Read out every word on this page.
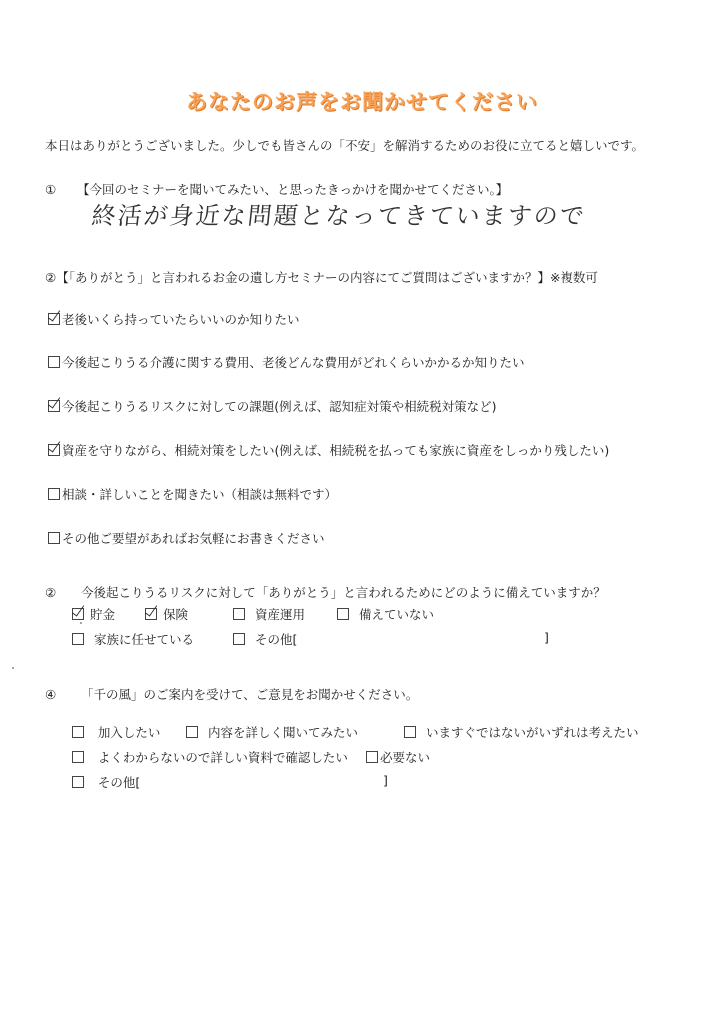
あなたのお声をお聞かせてください
本日はありがとうございました。少しでも皆さんの「不安」を解消するためのお役に立てると嬉しいです。
① 【今回のセミナーを聞いてみたい、と思ったきっかけを聞かせてください。】
終活が身近な問題となってきていますので
②【「ありがとう」と言われるお金の遺し方セミナーの内容にてご質問はございますか？】※複数可
老後いくら持っていたらいいのか知りたい
今後起こりうる介護に関する費用、老後どんな費用がどれくらいかかるか知りたい
今後起こりうるリスクに対しての課題(例えば、認知症対策や相続税対策など)
資産を守りながら、相続対策をしたい(例えば、相続税を払っても家族に資産をしっかり残したい)
相談・詳しいことを聞きたい（相談は無料です）
その他ご要望があればお気軽にお書きください
② 今後起こりうるリスクに対して「ありがとう」と言われるためにどのように備えていますか？
貯金	保険	資産運用	備えていない
家族に任せている	その他[	]
④ 「千の風」のご案内を受けて、ご意見をお聞かせください。
加入したい	内容を詳しく聞いてみたい	いますぐではないがいずれは考えたい
よくわからないので詳しい資料で確認したい	必要ない
その他[	]
